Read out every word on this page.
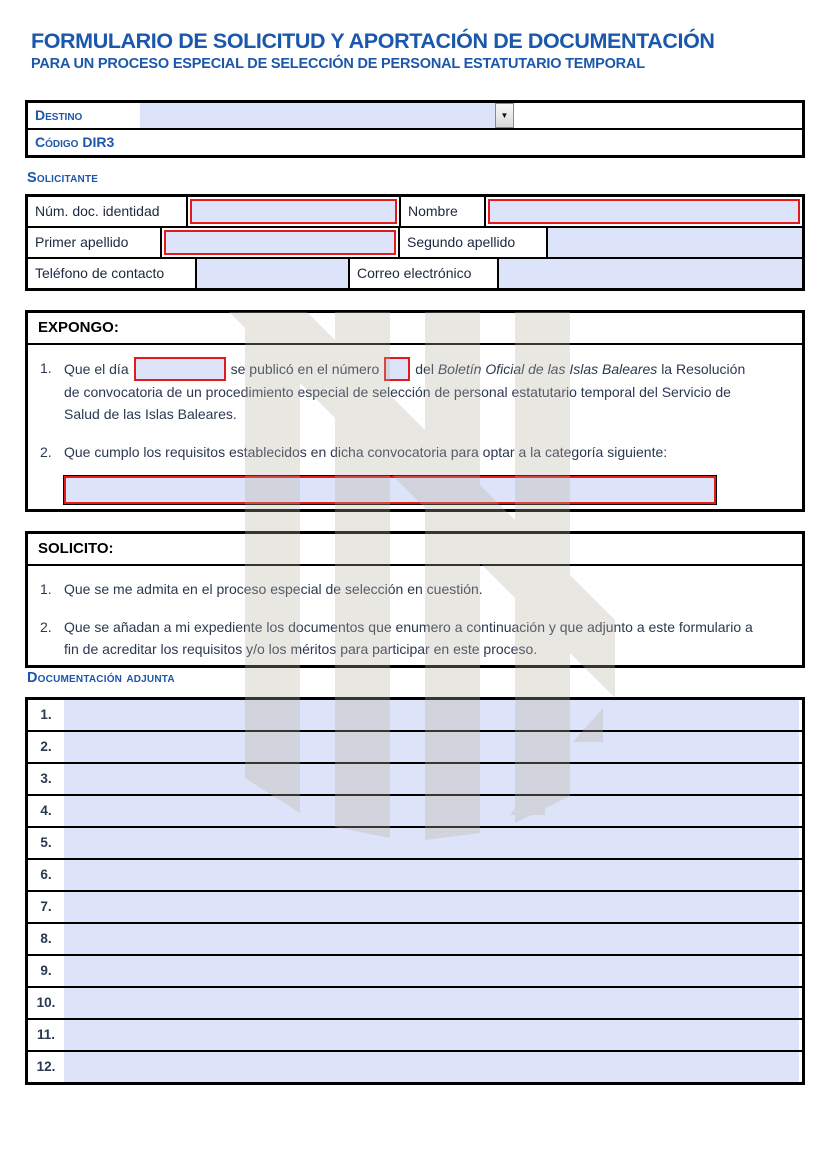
FORMULARIO DE SOLICITUD Y APORTACIÓN DE DOCUMENTACIÓN
PARA UN PROCESO ESPECIAL DE SELECCIÓN DE PERSONAL ESTATUTARIO TEMPORAL
Destino	▼
Código DIR3
Solicitante
Núm. doc. identidad	Nombre
Primer apellido	Segundo apellido
Teléfono de contacto	Correo electrónico
EXPONGO:
1. Que el día	se publicó en el número	del Boletín Oficial de las Islas Baleares la Resolución de convocatoria de un procedimiento especial de selección de personal estatutario temporal del Servicio de Salud de las Islas Baleares.
2. Que cumplo los requisitos establecidos en dicha convocatoria para optar a la categoría siguiente:
SOLICITO:
1. Que se me admita en el proceso especial de selección en cuestión.
2. Que se añadan a mi expediente los documentos que enumero a continuación y que adjunto a este formulario a fin de acreditar los requisitos y/o los méritos para participar en este proceso.
Documentación adjunta
1.
2.
3.
4.
5.
6.
7.
8.
9.
10.
11.
12.
